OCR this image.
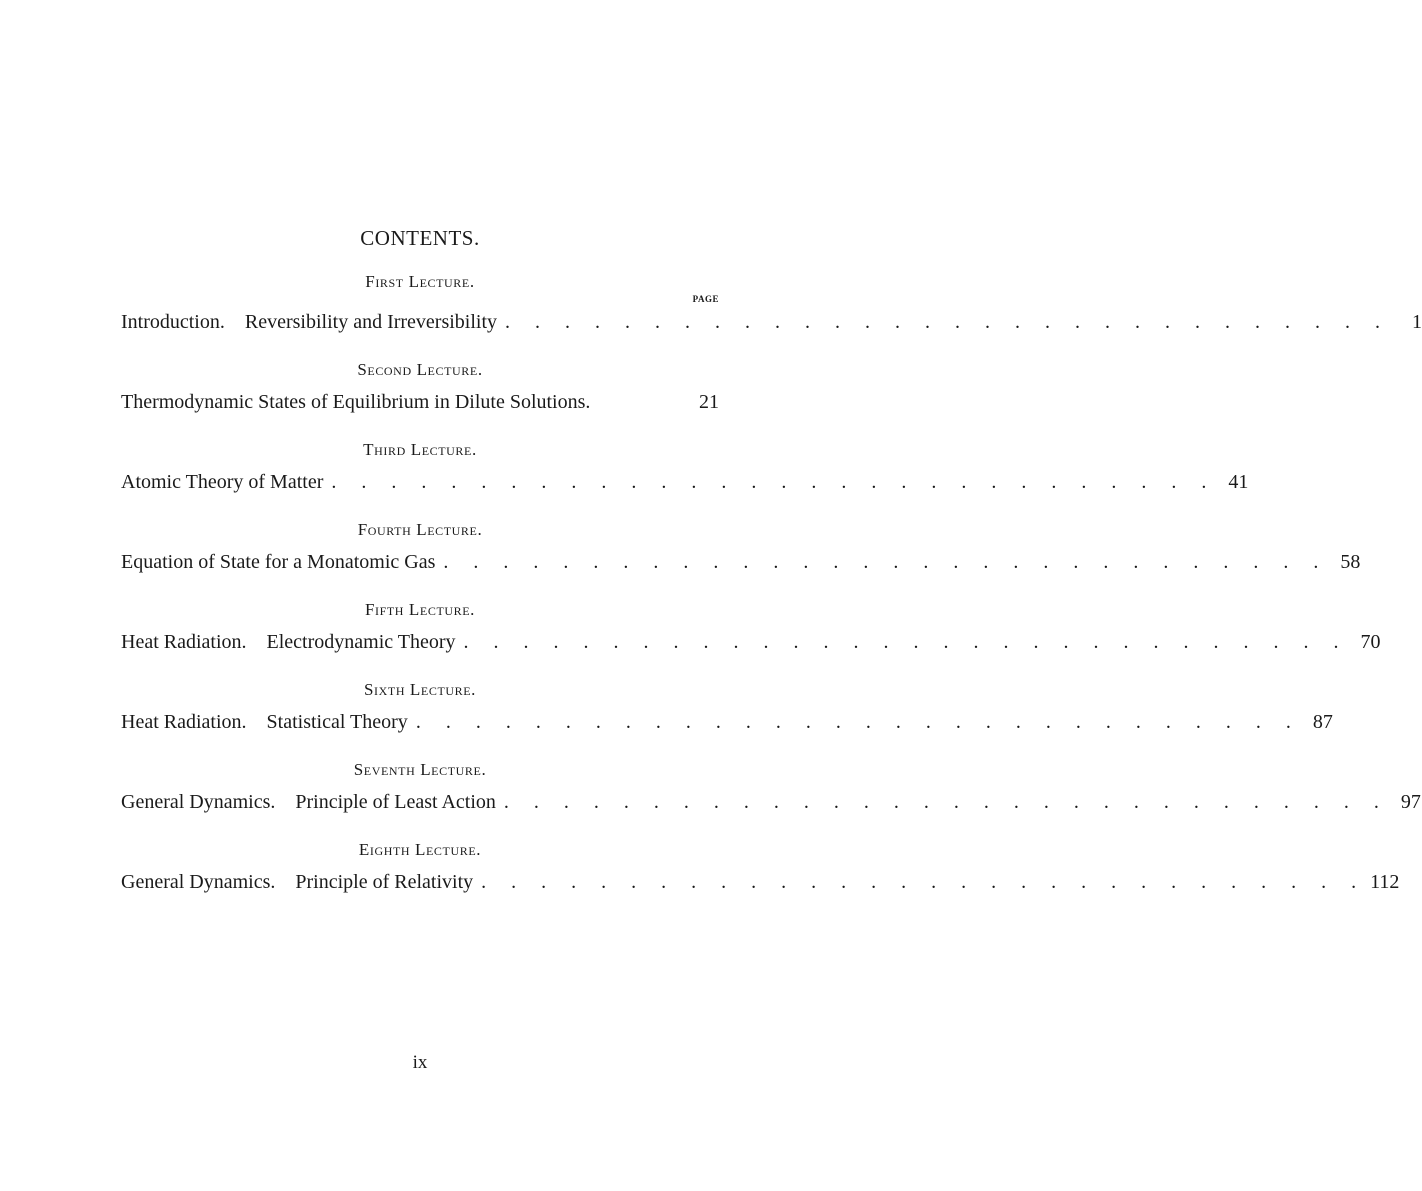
CONTENTS.
PAGE
First Lecture.
Introduction. Reversibility and Irreversibility . . . . . . . . . . . . . . . . . . . . . . . . . . . . . .	1
Second Lecture.
Thermodynamic States of Equilibrium in Dilute Solutions.	21
Third Lecture.
Atomic Theory of Matter . . . . . . . . . . . . . . . . . . . . . . . . . . . . . . 41
Fourth Lecture.
Equation of State for a Monatomic Gas . . . . . . . . . . . . . . . . . . . . . . . . . . . . . . 58
Fifth Lecture.
Heat Radiation. Electrodynamic Theory . . . . . . . . . . . . . . . . . . . . . . . . . . . . . . 70
Sixth Lecture.
Heat Radiation. Statistical Theory . . . . . . . . . . . . . . . . . . . . . . . . . . . . . . 87
Seventh Lecture.
General Dynamics. Principle of Least Action . . . . . . . . . . . . . . . . . . . . . . . . . . . . . . 97
Eighth Lecture.
General Dynamics. Principle of Relativity . . . . . . . . . . . . . . . . . . . . . . . . . . . . . . 112
ix
